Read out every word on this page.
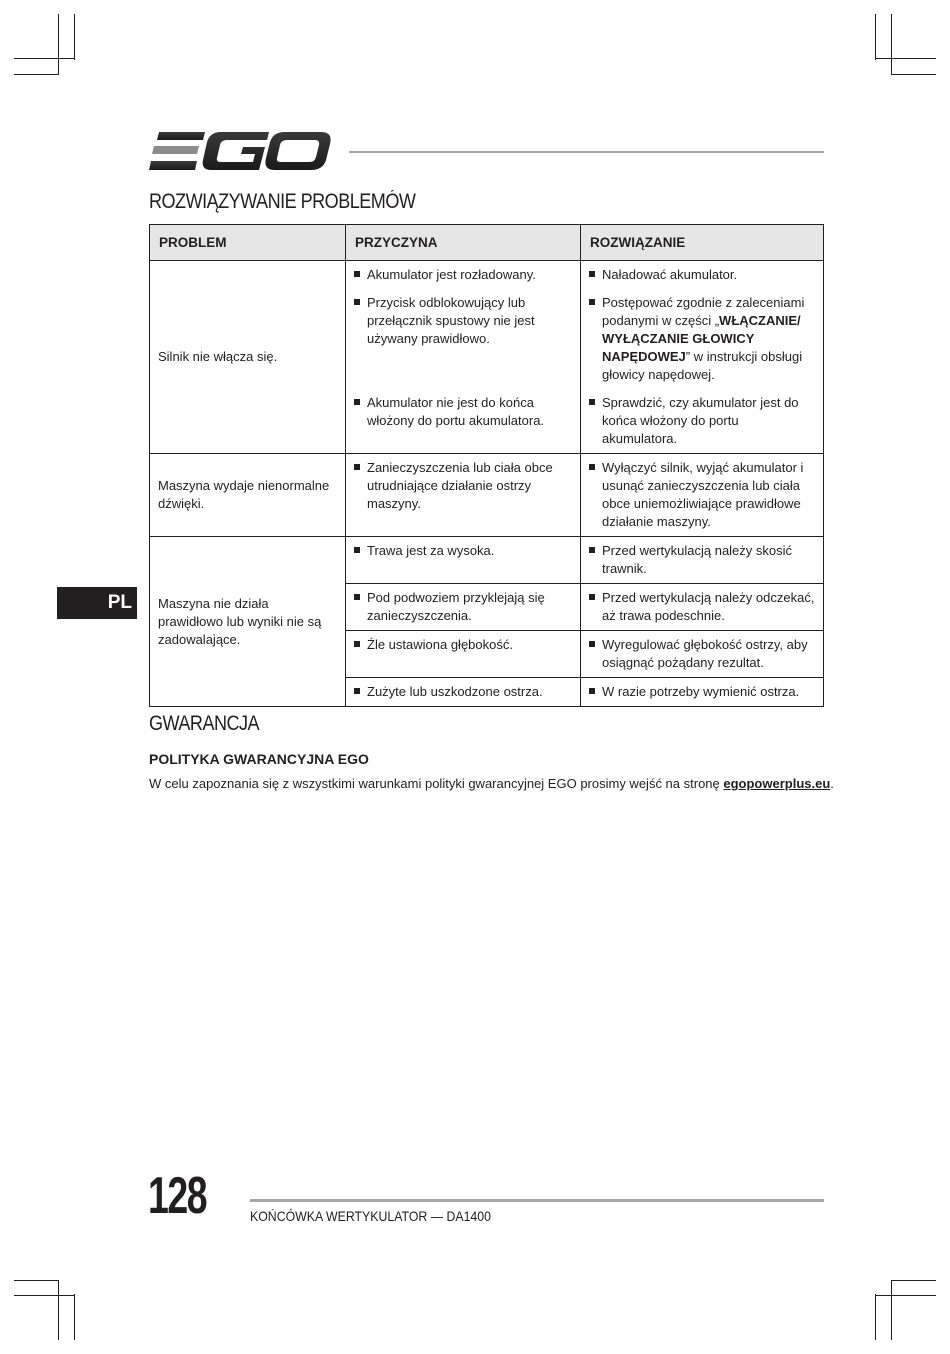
ROZWIĄZYWANIE PROBLEMÓW
PROBLEM	PRZYCZYNA	ROZWIĄZANIE
Silnik nie włącza się.	Akumulator jest rozładowany.	Naładować akumulator.

	Przycisk odblokowujący lub przełącznik spustowy nie jest używany prawidłowo.	Postępować zgodnie z zaleceniami podanymi w części „WŁĄCZANIE/ WYŁĄCZANIE GŁOWICY NAPĘDOWEJ” w instrukcji obsługi głowicy napędowej.

	Akumulator nie jest do końca włożony do portu akumulatora.	Sprawdzić, czy akumulator jest do końca włożony do portu akumulatora.

Maszyna wydaje nienormalne dźwięki.	Zanieczyszczenia lub ciała obce utrudniające działanie ostrzy maszyny.	Wyłączyć silnik, wyjąć akumulator i usunąć zanieczyszczenia lub ciała obce uniemożliwiające prawidłowe działanie maszyny.

Maszyna nie działa prawidłowo lub wyniki nie są zadowalające.	Trawa jest za wysoka.	Przed wertykulacją należy skosić trawnik.

	Pod podwoziem przyklejają się zanieczyszczenia.	Przed wertykulacją należy odczekać, aż trawa podeschnie.

	Źle ustawiona głębokość.	Wyregulować głębokość ostrzy, aby osiągnąć pożądany rezultat.

	Zużyte lub uszkodzone ostrza.	W razie potrzeby wymienić ostrza.
PL
GWARANCJA
POLITYKA GWARANCYJNA EGO

W celu zapoznania się z wszystkimi warunkami polityki gwarancyjnej EGO prosimy wejść na stronę egopowerplus.eu.

128	KOŃCÓWKA WERTYKULATOR — DA1400
